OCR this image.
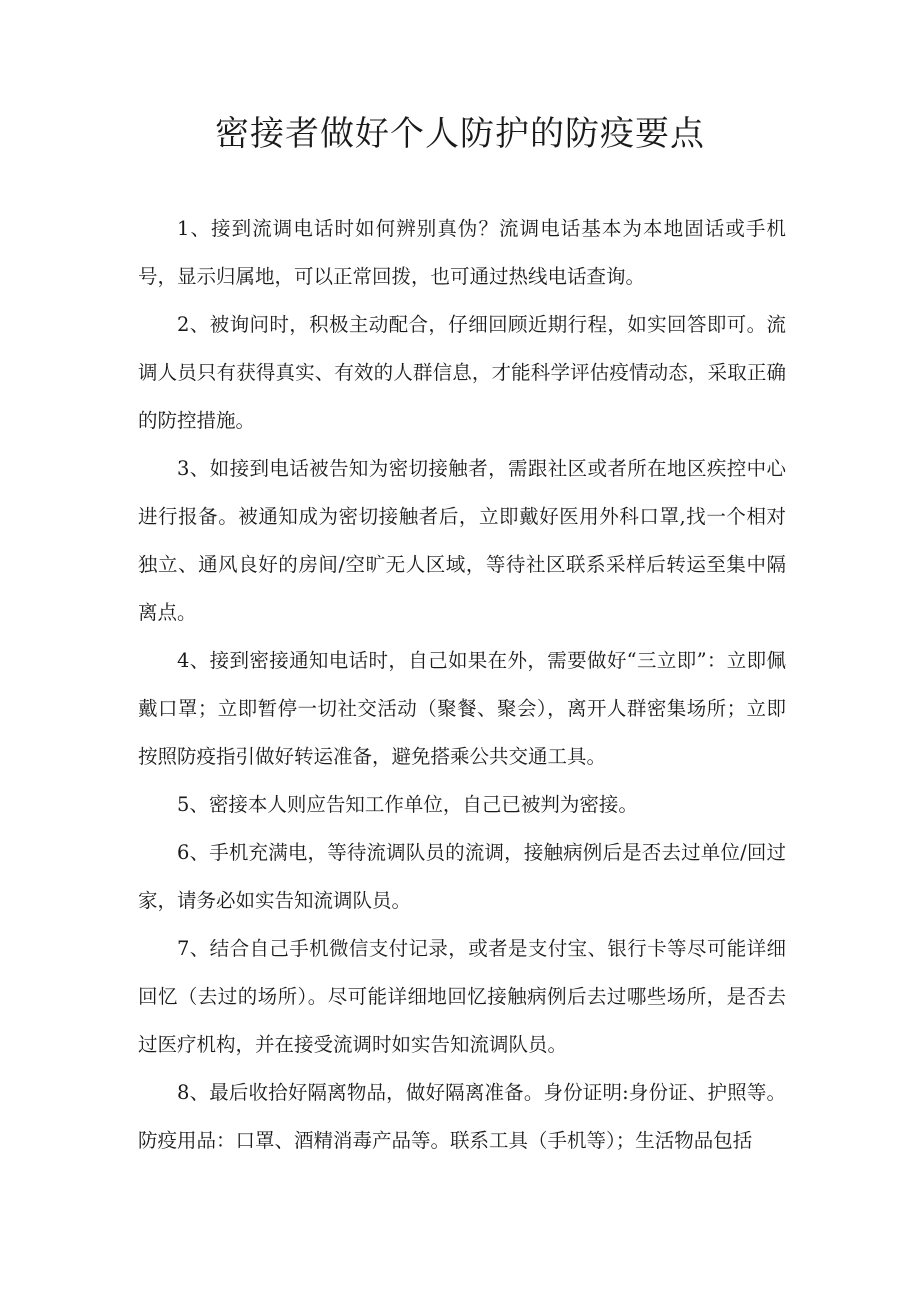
密接者做好个人防护的防疫要点

1、接到流调电话时如何辨别真伪？流调电话基本为本地固话或手机号，显示归属地，可以正常回拨，也可通过热线电话查询。

2、被询问时，积极主动配合，仔细回顾近期行程，如实回答即可。流调人员只有获得真实、有效的人群信息，才能科学评估疫情动态，采取正确的防控措施。

3、如接到电话被告知为密切接触者，需跟社区或者所在地区疾控中心进行报备。被通知成为密切接触者后，立即戴好医用外科口罩,找一个相对独立、通风良好的房间/空旷无人区域，等待社区联系采样后转运至集中隔离点。

4、接到密接通知电话时，自己如果在外，需要做好“三立即”：立即佩戴口罩；立即暂停一切社交活动（聚餐、聚会），离开人群密集场所；立即按照防疫指引做好转运准备，避免搭乘公共交通工具。

5、密接本人则应告知工作单位，自己已被判为密接。

6、手机充满电，等待流调队员的流调，接触病例后是否去过单位/回过家，请务必如实告知流调队员。

7、结合自己手机微信支付记录，或者是支付宝、银行卡等尽可能详细回忆（去过的场所）。尽可能详细地回忆接触病例后去过哪些场所，是否去过医疗机构，并在接受流调时如实告知流调队员。

8、最后收拾好隔离物品，做好隔离准备。身份证明:身份证、护照等。防疫用品：口罩、酒精消毒产品等。联系工具（手机等）；生活物品包括
